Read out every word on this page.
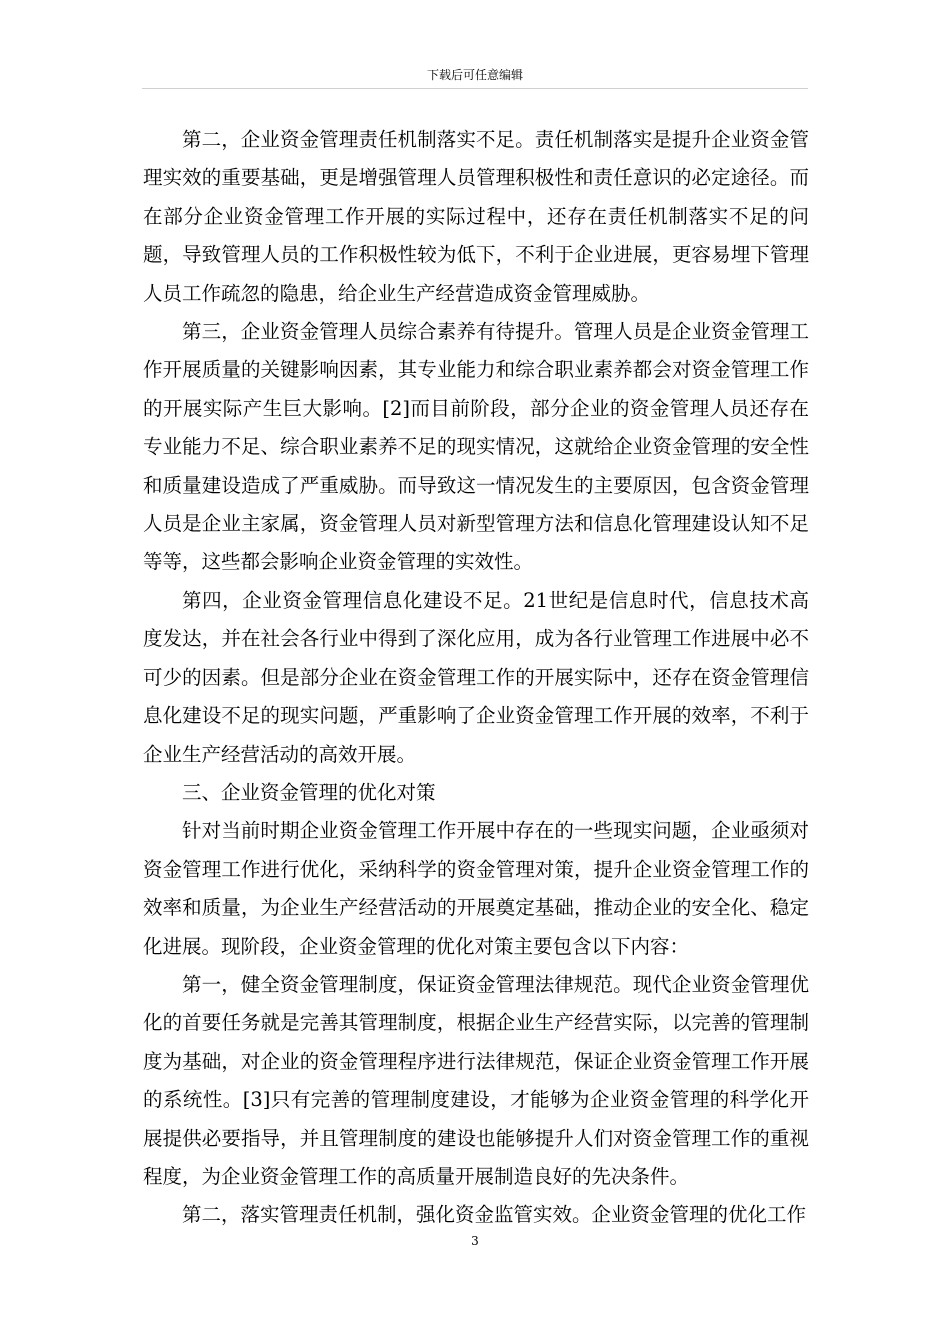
下载后可任意编辑

第二，企业资金管理责任机制落实不足。责任机制落实是提升企业资金管理实效的重要基础，更是增强管理人员管理积极性和责任意识的必定途径。而在部分企业资金管理工作开展的实际过程中，还存在责任机制落实不足的问题，导致管理人员的工作积极性较为低下，不利于企业进展，更容易埋下管理人员工作疏忽的隐患，给企业生产经营造成资金管理威胁。

第三，企业资金管理人员综合素养有待提升。管理人员是企业资金管理工作开展质量的关键影响因素，其专业能力和综合职业素养都会对资金管理工作的开展实际产生巨大影响。[2]而目前阶段，部分企业的资金管理人员还存在专业能力不足、综合职业素养不足的现实情况，这就给企业资金管理的安全性和质量建设造成了严重威胁。而导致这一情况发生的主要原因，包含资金管理人员是企业主家属，资金管理人员对新型管理方法和信息化管理建设认知不足等等，这些都会影响企业资金管理的实效性。

第四，企业资金管理信息化建设不足。21世纪是信息时代，信息技术高度发达，并在社会各行业中得到了深化应用，成为各行业管理工作进展中必不可少的因素。但是部分企业在资金管理工作的开展实际中，还存在资金管理信息化建设不足的现实问题，严重影响了企业资金管理工作开展的效率，不利于企业生产经营活动的高效开展。

三、企业资金管理的优化对策

针对当前时期企业资金管理工作开展中存在的一些现实问题，企业亟须对资金管理工作进行优化，采纳科学的资金管理对策，提升企业资金管理工作的效率和质量，为企业生产经营活动的开展奠定基础，推动企业的安全化、稳定化进展。现阶段，企业资金管理的优化对策主要包含以下内容：

第一，健全资金管理制度，保证资金管理法律规范。现代企业资金管理优化的首要任务就是完善其管理制度，根据企业生产经营实际，以完善的管理制度为基础，对企业的资金管理程序进行法律规范，保证企业资金管理工作开展的系统性。[3]只有完善的管理制度建设，才能够为企业资金管理的科学化开展提供必要指导，并且管理制度的建设也能够提升人们对资金管理工作的重视程度，为企业资金管理工作的高质量开展制造良好的先决条件。

第二，落实管理责任机制，强化资金监管实效。企业资金管理的优化工作

3
